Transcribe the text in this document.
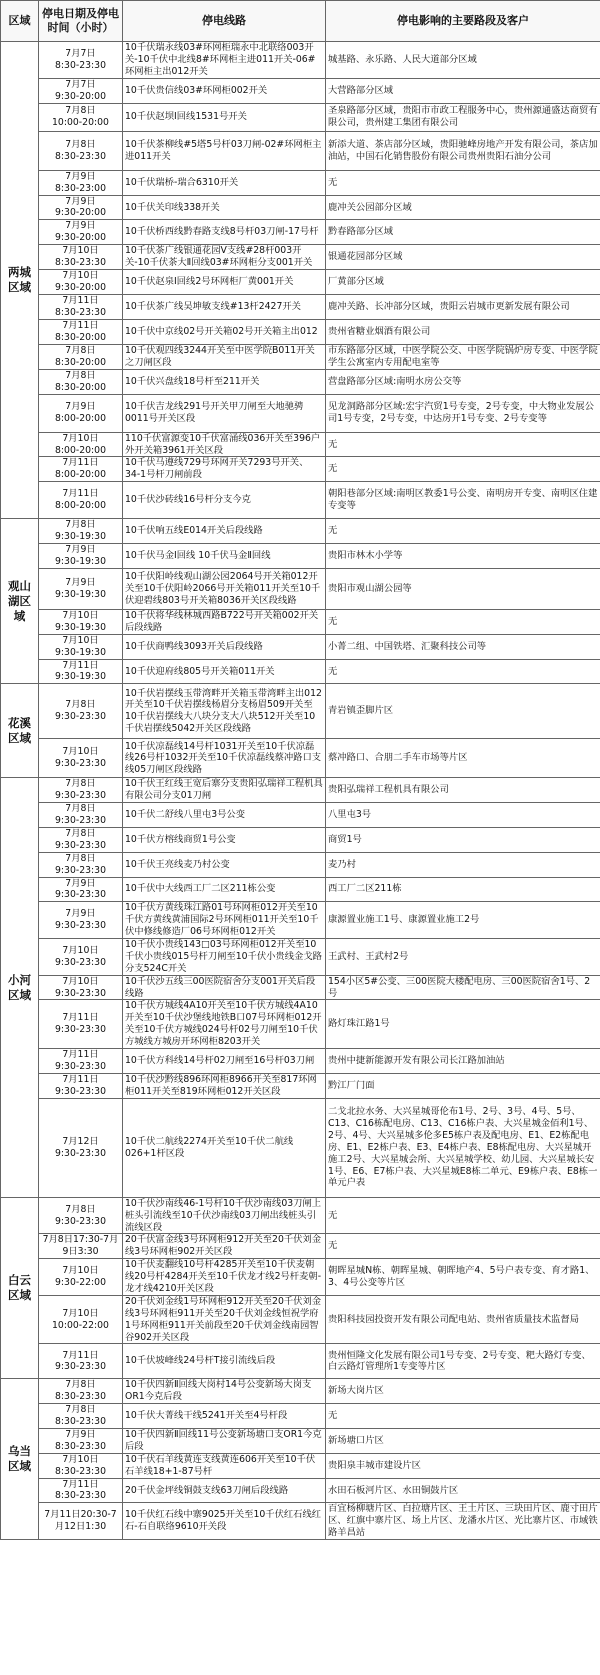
区域	停电日期及停电时间（小时）	停电线路	停电影响的主要路段及客户
两城区域	7月7日
8:30-23:30	10千伏瑞永线03#环网柜瑞永中北联络003开关-10千伏中北线8#环网柜主进011开关-06#环网柜主出012开关	城基路、永乐路、人民大道部分区域

	7月7日
9:30-20:00	10千伏贵信线03#环网柜002开关	大营路部分区域

	7月8日
10:00-20:00	10千伏赵坝Ⅰ回线1531号开关	圣泉路部分区域，贵阳市市政工程服务中心，贵州源通盛达商贸有限公司，贵州建工集团有限公司

	7月8日
8:30-23:30	10千伏茶柳线#5塔5号杆03刀闸-02#环网柜主进011开关	新添大道、茶店部分区域，贵阳驰峰房地产开发有限公司，茶店加油站，中国石化销售股份有限公司贵州贵阳石油分公司

	7月9日
8:30-23:00	10千伏瑞桥-瑞合6310开关	无

	7月9日
9:30-20:00	10千伏关印线338开关	鹿冲关公园部分区域

	7月9日
9:30-20:00	10千伏桥西线黔春路支线8号杆03刀闸-17号杆	黔春路部分区域

	7月10日
8:30-23:30	10千伏茶广线银通花园V支线#28杆003开关-10千伏茶大Ⅱ回线03#环网柜分支001开关	银通花园部分区域

	7月10日
9:30-20:00	10千伏赵泉Ⅰ回线2号环网柜厂黄001开关	厂黄部分区域

	7月11日
8:30-23:30	10千伏茶广线吴坤敏支线#13杆2427开关	鹿冲关路、长冲部分区域，贵阳云岩城市更新发展有限公司

	7月11日
8:30-20:00	10千伏中京线02号开关箱02号开关箱主出012	贵州省糖业烟酒有限公司

	7月8日
8:30-20:00	10千伏观四线3244开关至中医学院B011开关之刀闸区段	市东路部分区域，中医学院公交、中医学院锅炉房专变、中医学院学生公寓室内专用配电室等

	7月8日
8:30-20:00	10千伏兴盘线18号杆至211开关	营盘路部分区域:南明水房公交等

	7月9日
8:00-20:00	10千伏吉龙线291号开关甲刀闸至大地驰骋0011号开关区段	见龙洞路部分区域:宏宇汽贸1号专变，2号专变，中大物业发展公司1号专变，2号专变，中达房开1号专变、2号专变等

	7月10日
8:00-20:00	110千伏富源变10千伏富涌线036开关至396户外开关箱3961开关区段	无

	7月11日
8:00-20:00	10千伏马遵线729号环网开关7293号开关、34-1号杆刀闸前段	无

	7月11日
8:00-20:00	10千伏沙砖线16号杆分支今克	朝阳巷部分区域:南明区教委1号公变、南明房开专变、南明区住建专变等
观山湖区域	7月8日
9:30-19:30	10千伏响五线E014开关后段线路	无

	7月9日
9:30-19:30	10千伏马金Ⅰ回线 10千伏马金Ⅱ回线	贵阳市林木小学等

	7月9日
9:30-19:30	10千伏阳岭线观山湖公园2064号开关箱012开关至10千伏阳岭2066号开关箱011开关至10千伏迎碧线803号开关箱8036开关区段线路	贵阳市观山湖公园等

	7月10日
9:30-19:30	10千伏将华线林城西路B722号开关箱002开关后段线路	无

	7月10日
9:30-19:30	10千伏商鸭线3093开关后段线路	小菁二组、中国铁塔、汇聚科技公司等

	7月11日
9:30-19:30	10千伏迎府线805号开关箱011开关	无
花溪区域	7月8日
9:30-23:30	10千伏岩摆线玉带湾畔开关箱玉带湾畔主出012开关至10千伏岩摆线杨眉分支杨眉509开关至10千伏岩摆线大八块分支大八块512开关至10千伏岩摆线5042开关区段线路	青岩镇歪脚片区

	7月10日
9:30-23:30	10千伏凉磊线14号杆1031开关至10千伏凉磊线26号杆1032开关至10千伏凉磊线蔡冲路口支线05刀闸区段线路	蔡冲路口、合朋二手车市场等片区
小河区域	7月8日
9:30-23:30	10千伏王红线王宽后寨分支贵阳弘瑞祥工程机具有限公司分支01刀闸	贵阳弘瑞祥工程机具有限公司

	7月8日
9:30-23:30	10千伏二舒线八里屯3号公变	八里屯3号

	7月8日
9:30-23:30	10千伏方榕线商贸1号公变	商贸1号

	7月8日
9:30-23:30	10千伏王亮线麦乃村公变	麦乃村

	7月9日
9:30-23:30	10千伏中大线西工厂二区211栋公变	西工厂二区211栋

	7月9日
9:30-23:30	10千伏方黄线珠江路01号环网柜012开关至10千伏方黄线黄浦国际2号环网柜011开关至10千伏中修线修造厂06号环网柜012开关	康源置业施工1号、康源置业施工2号

	7月10日
9:30-23:30	10千伏小贵线143□03号环网柜012开关至10千伏小贵线015号杆刀闸至10千伏小贵线金戈路分支524C开关	王武村、王武村2号

	7月10日
9:30-23:30	10千伏沙五线三00医院宿舍分支001开关后段线路	154小区5#公变、三00医院大楼配电房、三00医院宿舍1号、2号

	7月11日
9:30-23:30	10千伏方城线4A10开关至10千伏方城线4A10开关至10千伏沙堡线地铁B口07号环网柜012开关至10千伏方城线024号杆02号刀闸至10千伏方城线方城房开环网柜8203开关	路灯珠江路1号

	7月11日
9:30-23:30	10千伏方科线14号杆02刀闸至16号杆03刀闸	贵州中捷新能源开发有限公司长江路加油站

	7月11日
9:30-23:30	10千伏沙黔线896环网柜8966开关至817环网柜011开关至819环网柜012开关区段	黔江厂门面

	7月12日
9:30-23:30	10千伏二航线2274开关至10千伏二航线026+1杆区段	二戈北拉水务、大兴星城哥伦布1号、2号、3号、4号、5号、C13、C16栋配电房、C13、C16栋户表、大兴星城金佰利1号、2号、4号、大兴星城多伦多E5栋户表及配电房、E1、E2栋配电房、E1、E2栋户表、E3、E4栋户表、E8栋配电房、大兴星城开施工2号、大兴星城会所、大兴星城学校、幼儿园、大兴星城长安1号、E6、E7栋户表、大兴星城E8栋二单元、E9栋户表、E8栋一单元户表
白云区域	7月8日
9:30-23:30	10千伏沙南线46-1号杆10千伏沙南线03刀闸上桩头引流线至10千伏沙南线03刀闸出线桩头引流线区段	无

	7月8日17:30-7月9日3:30	20千伏富金线3号环网柜912开关至20千伏刘金线3号环网柜902开关区段	无

	7月10日
9:30-22:00	10千伏麦翻线10号杆4285开关至10千伏麦朝线20号杆4284开关至10千伏龙才线2号杆麦朝-龙才线4210开关区段	朝晖星城N栋、朝晖星城、朝晖地产4、5号户表专变、育才路1、3、4号公变等片区

	7月10日
10:00-22:00	20千伏刘金线1号环网柜912开关至20千伏刘金线3号环网柜911开关至20千伏刘金线恒祝学府1号环网柜911开关前段至20千伏刘金线南园智谷902开关区段	贵阳科技园投资开发有限公司配电站、贵州省质量技术监督局

	7月11日
9:30-23:30	10千伏坡峰线24号杆T接引流线后段	贵州恒隆文化发展有限公司1号专变、2号专变、粑大路灯专变、白云路灯管理所1专变等片区
乌当区域	7月8日
8:30-23:30	10千伏四新Ⅱ回线大岗村14号公变新场大岗支OR1今克后段	新场大岗片区

	7月8日
8:30-23:30	10千伏大菁线干线5241开关至4号杆段	无

	7月9日
8:30-23:30	10千伏四新Ⅱ回线11号公变新场塘口支OR1今克后段	新场塘口片区

	7月10日
8:30-23:30	10千伏石羊线黄连支线黄连606开关至10千伏石羊线18+1-87号杆	贵阳泉丰城市建设片区

	7月11日
8:30-23:30	20千伏金坪线铜鼓支线63刀闸后段线路	水田石板河片区、水田铜鼓片区

	7月11日20:30-7月12日1:30	10千伏红石线中寨9025开关至10千伏红石线红石-石自联络9610开关段	百宜杨柳塘片区、白拉塘片区、王土片区、三块田片区、鹿寸田片区、红旗中寨片区、场上片区、龙潘水片区、光比寨片区、市域铁路羊昌站
